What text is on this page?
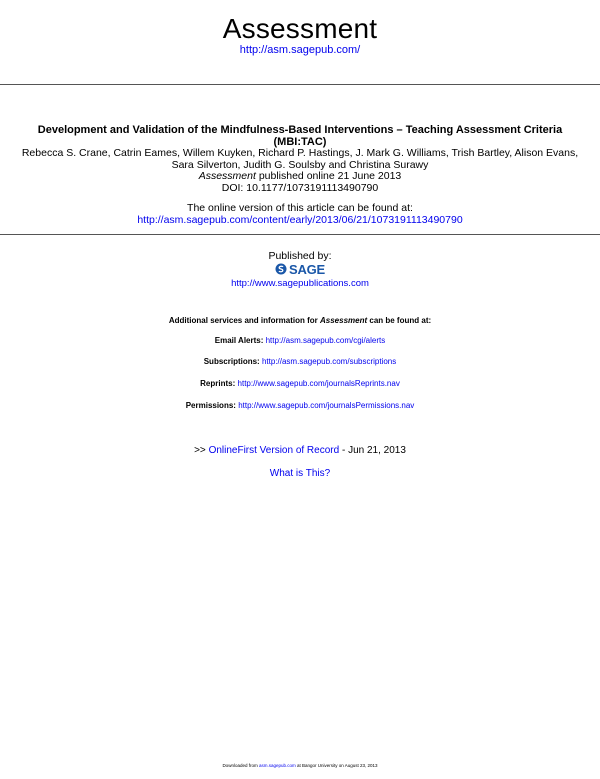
Assessment
http://asm.sagepub.com/
Development and Validation of the Mindfulness-Based Interventions – Teaching Assessment Criteria
(MBI:TAC)
Rebecca S. Crane, Catrin Eames, Willem Kuyken, Richard P. Hastings, J. Mark G. Williams, Trish Bartley, Alison Evans,
Sara Silverton, Judith G. Soulsby and Christina Surawy
Assessment published online 21 June 2013
DOI: 10.1177/1073191113490790
The online version of this article can be found at:
http://asm.sagepub.com/content/early/2013/06/21/1073191113490790
Published by:
SAGE
http://www.sagepublications.com
Additional services and information for Assessment can be found at:
Email Alerts: http://asm.sagepub.com/cgi/alerts
Subscriptions: http://asm.sagepub.com/subscriptions
Reprints: http://www.sagepub.com/journalsReprints.nav
Permissions: http://www.sagepub.com/journalsPermissions.nav
>> OnlineFirst Version of Record - Jun 21, 2013
What is This?
Downloaded from asm.sagepub.com at Bangor University on August 23, 2013
